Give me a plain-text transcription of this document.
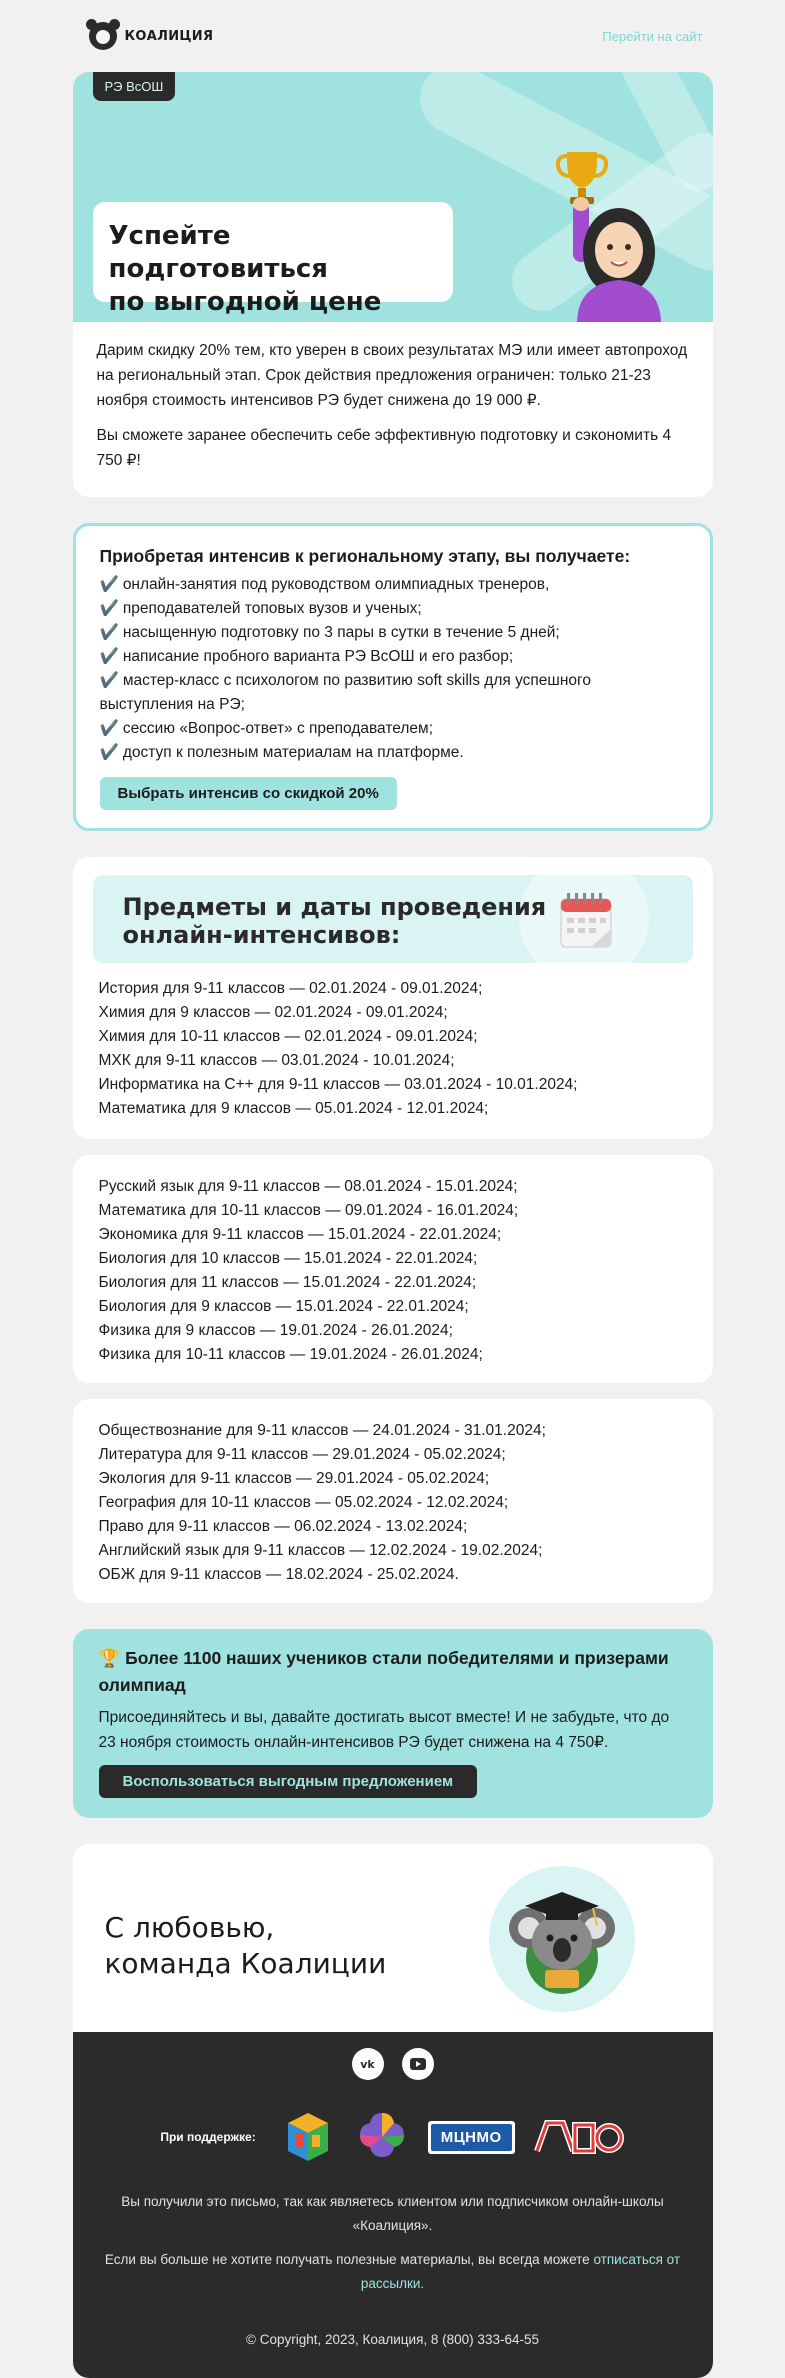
КОАЛИЦИЯ	Перейти на сайт
РЭ ВсОШ
Успейте подготовиться
по выгодной цене

Дарим скидку 20% тем, кто уверен в своих результатах МЭ или имеет автопроход на региональный этап. Срок действия предложения ограничен: только 21-23 ноября стоимость интенсивов РЭ будет снижена до 19 000 ₽.

Вы сможете заранее обеспечить себе эффективную подготовку и сэкономить 4 750 ₽!

Приобретая интенсив к региональному этапу, вы получаете:
✔️ онлайн-занятия под руководством олимпиадных тренеров,
✔️ преподавателей топовых вузов и ученых;
✔️ насыщенную подготовку по 3 пары в сутки в течение 5 дней;
✔️ написание пробного варианта РЭ ВсОШ и его разбор;
✔️ мастер-класс с психологом по развитию soft skills для успешного выступления на РЭ;
✔️ сессию «Вопрос-ответ» с преподавателем;
✔️ доступ к полезным материалам на платформе.
Выбрать интенсив со скидкой 20%
Предметы и даты проведения
онлайн-интенсивов:
История для 9-11 классов — 02.01.2024 - 09.01.2024;
Химия для 9 классов — 02.01.2024 - 09.01.2024;
Химия для 10-11 классов — 02.01.2024 - 09.01.2024;
МХК для 9-11 классов — 03.01.2024 - 10.01.2024;
Информатика на С++ для 9-11 классов — 03.01.2024 - 10.01.2024;
Математика для 9 классов — 05.01.2024 - 12.01.2024;
Русский язык для 9-11 классов — 08.01.2024 - 15.01.2024;
Математика для 10-11 классов — 09.01.2024 - 16.01.2024;
Экономика для 9-11 классов — 15.01.2024 - 22.01.2024;
Биология для 10 классов — 15.01.2024 - 22.01.2024;
Биология для 11 классов — 15.01.2024 - 22.01.2024;
Биология для 9 классов — 15.01.2024 - 22.01.2024;
Физика для 9 классов — 19.01.2024 - 26.01.2024;
Физика для 10-11 классов — 19.01.2024 - 26.01.2024;
Обществознание для 9-11 классов — 24.01.2024 - 31.01.2024;
Литература для 9-11 классов — 29.01.2024 - 05.02.2024;
Экология для 9-11 классов — 29.01.2024 - 05.02.2024;
География для 10-11 классов — 05.02.2024 - 12.02.2024;
Право для 9-11 классов — 06.02.2024 - 13.02.2024;
Английский язык для 9-11 классов — 12.02.2024 - 19.02.2024;
ОБЖ для 9-11 классов — 18.02.2024 - 25.02.2024.
🏆 Более 1100 наших учеников стали победителями и призерами олимпиад
Присоединяйтесь и вы, давайте достигать высот вместе! И не забудьте, что до 23 ноября стоимость онлайн-интенсивов РЭ будет снижена на 4 750₽.
Воспользоваться выгодным предложением
С любовью,
команда Коалиции
vk
При поддержке:	МЦНМО

Вы получили это письмо, так как являетесь клиентом или подписчиком онлайн-школы «Коалиция».

Если вы больше не хотите получать полезные материалы, вы всегда можете отписаться от рассылки.

© Copyright, 2023, Коалиция, 8 (800) 333-64-55
